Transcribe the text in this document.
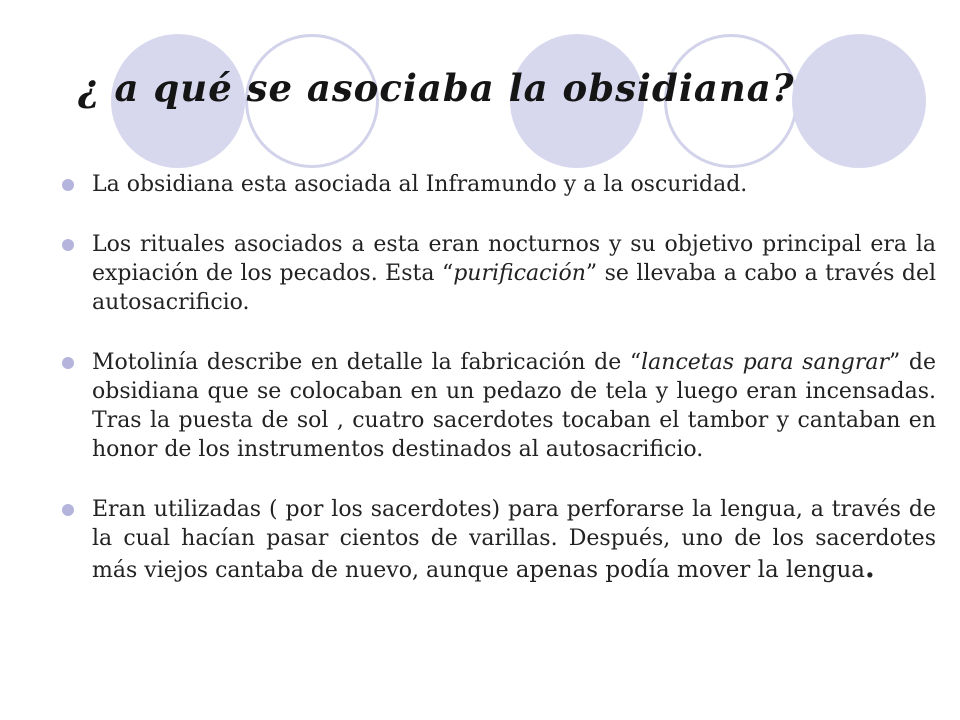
¿ a qué se asociaba la obsidiana?

La obsidiana esta asociada al Inframundo y a la oscuridad.

Los rituales asociados a esta eran nocturnos y su objetivo principal era la expiación de los pecados. Esta “purificación” se llevaba a cabo a través del autosacrificio.

Motolinía describe en detalle la fabricación de “lancetas para sangrar” de obsidiana que se colocaban en un pedazo de tela y luego eran incensadas. Tras la puesta de sol , cuatro sacerdotes tocaban el tambor y cantaban en honor de los instrumentos destinados al autosacrificio.

Eran utilizadas ( por los sacerdotes) para perforarse la lengua, a través de la cual hacían pasar cientos de varillas. Después, uno de los sacerdotes más viejos cantaba de nuevo, aunque apenas podía mover la lengua.
